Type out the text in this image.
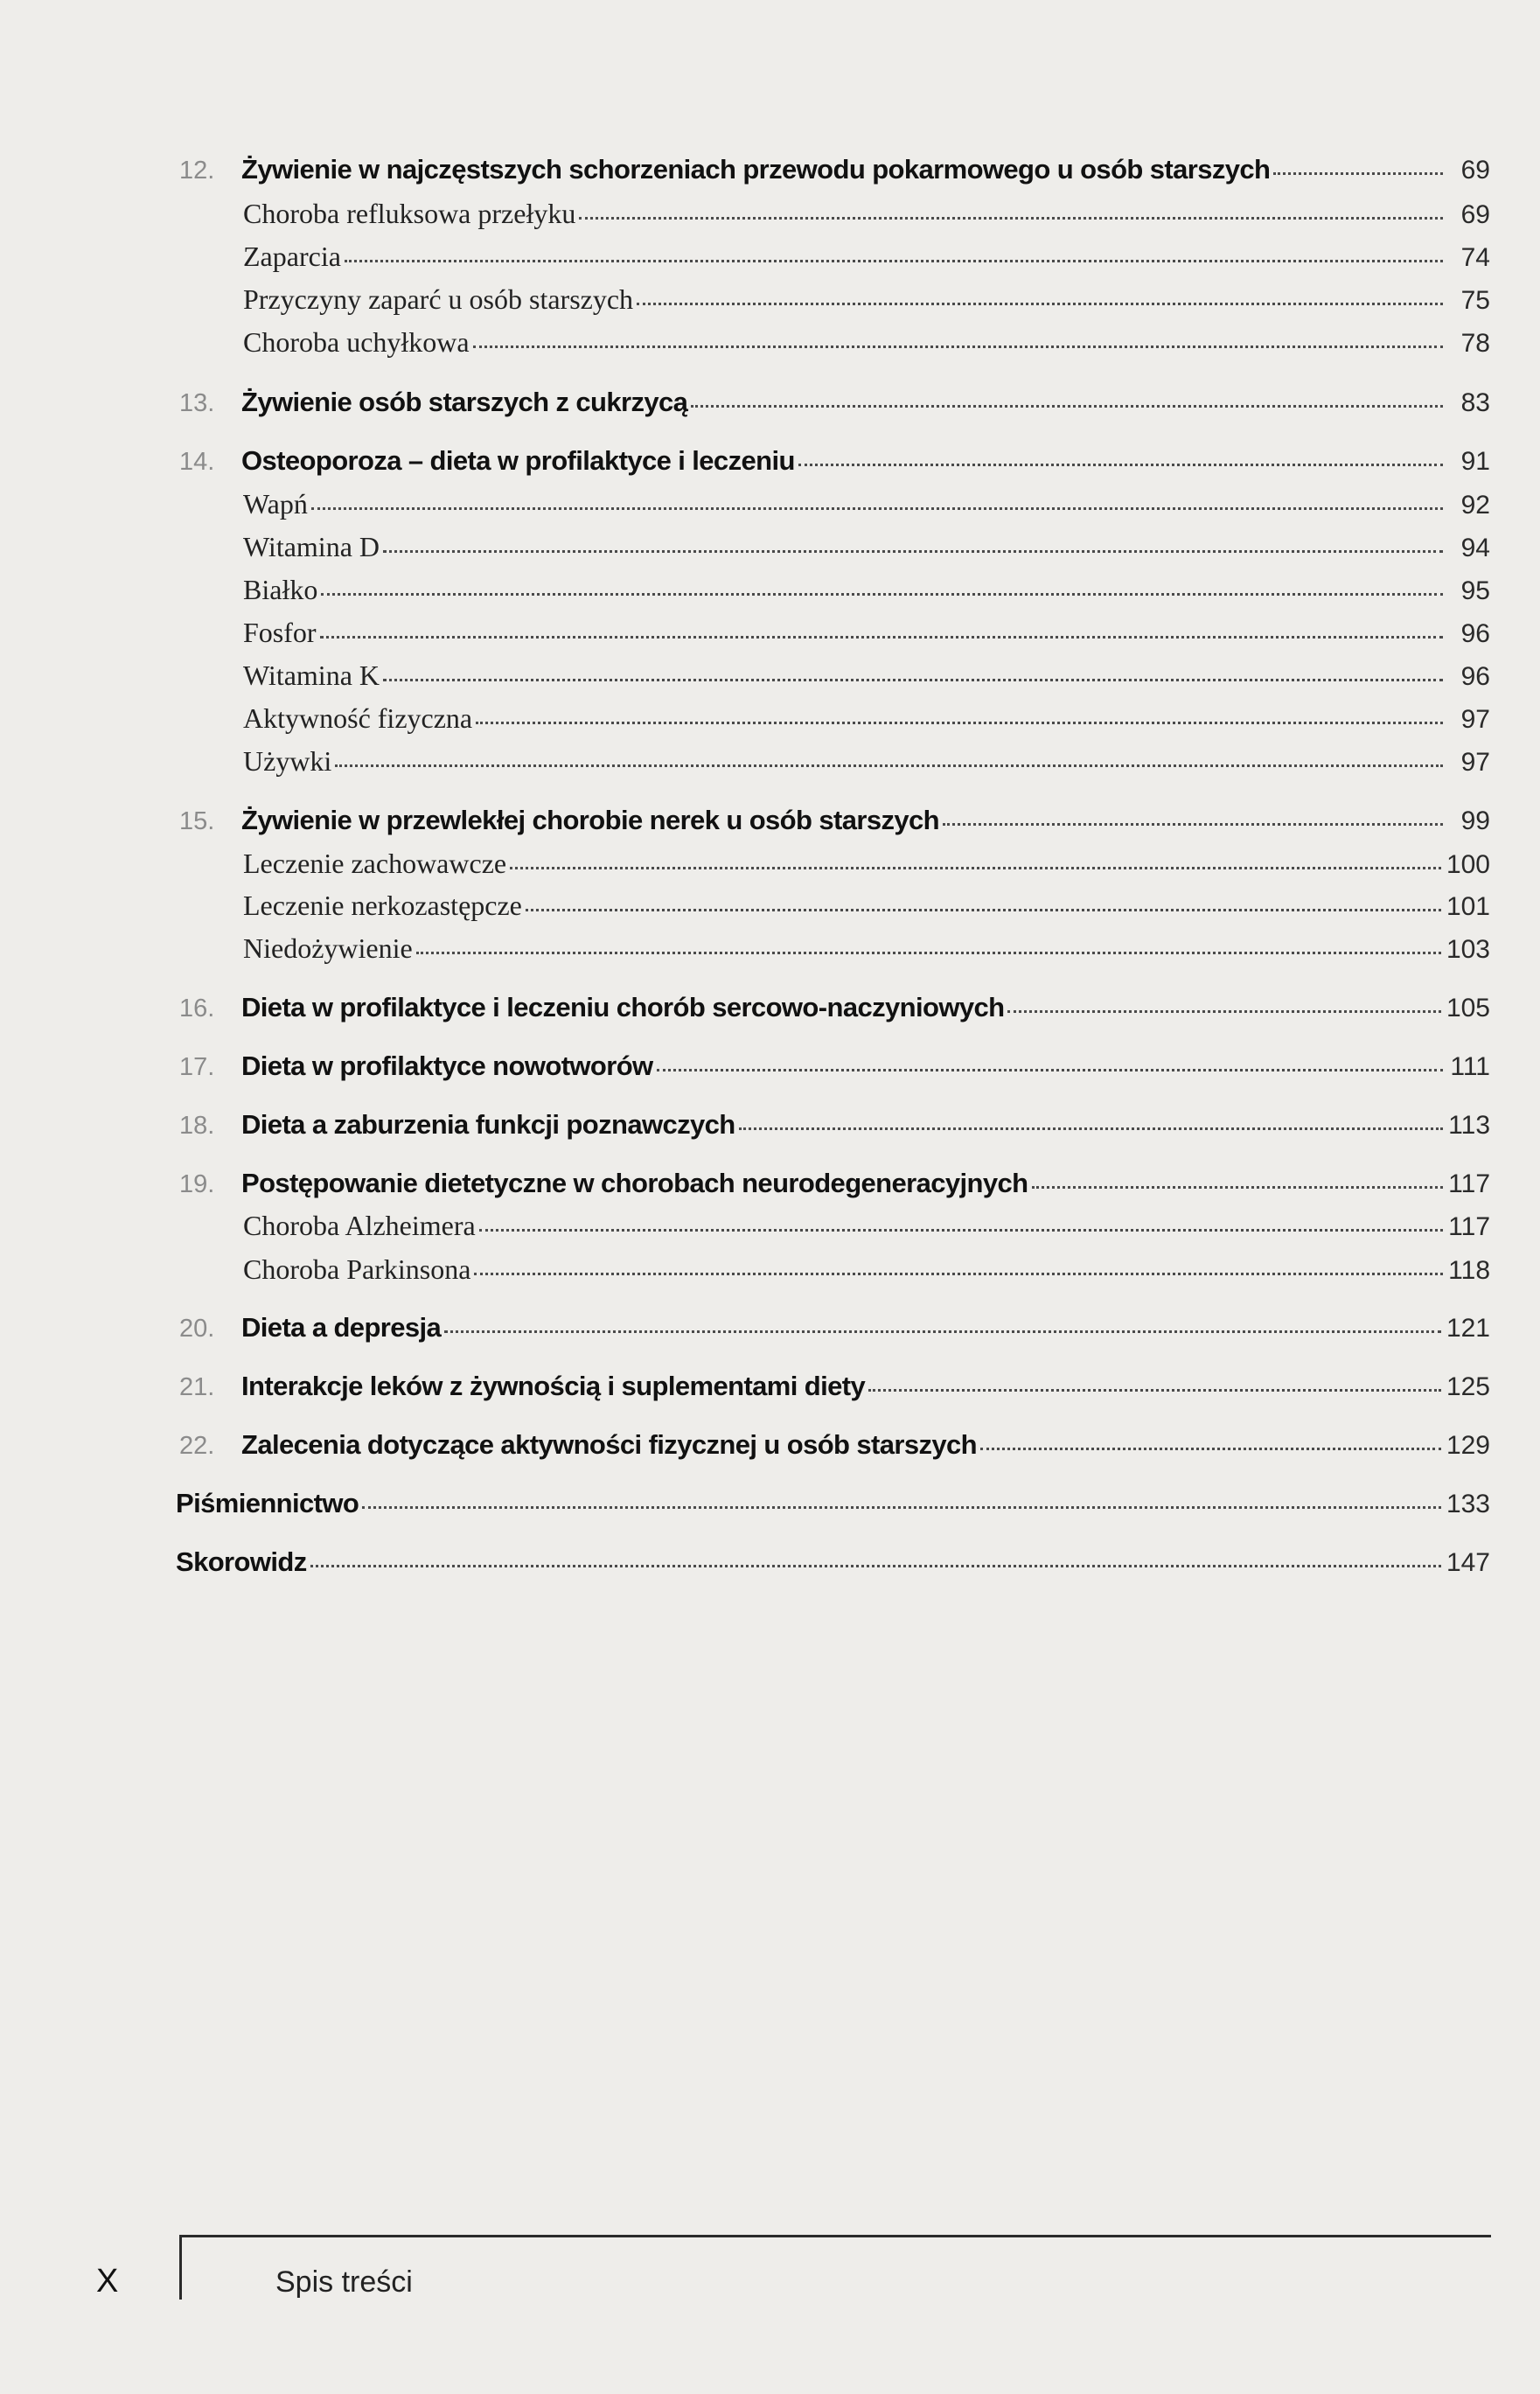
12. Żywienie w najczęstszych schorzeniach przewodu pokarmowego u osób starszych	69
Choroba refluksowa przełyku	69
Zaparcia	74
Przyczyny zaparć u osób starszych	75
Choroba uchyłkowa	78
13. Żywienie osób starszych z cukrzycą	83
14. Osteoporoza – dieta w profilaktyce i leczeniu	91
Wapń	92
Witamina D	94
Białko	95
Fosfor	96
Witamina K	96
Aktywność fizyczna	97
Używki	97
15. Żywienie w przewlekłej chorobie nerek u osób starszych	99
Leczenie zachowawcze	100
Leczenie nerkozastępcze	101
Niedożywienie	103
16. Dieta w profilaktyce i leczeniu chorób sercowo-naczyniowych	105
17. Dieta w profilaktyce nowotworów	111
18. Dieta a zaburzenia funkcji poznawczych	113
19. Postępowanie dietetyczne w chorobach neurodegeneracyjnych	117
Choroba Alzheimera	117
Choroba Parkinsona	118
20. Dieta a depresja	121
21. Interakcje leków z żywnością i suplementami diety	125
22. Zalecenia dotyczące aktywności fizycznej u osób starszych	129
Piśmiennictwo	133
Skorowidz	147
X	Spis treści
